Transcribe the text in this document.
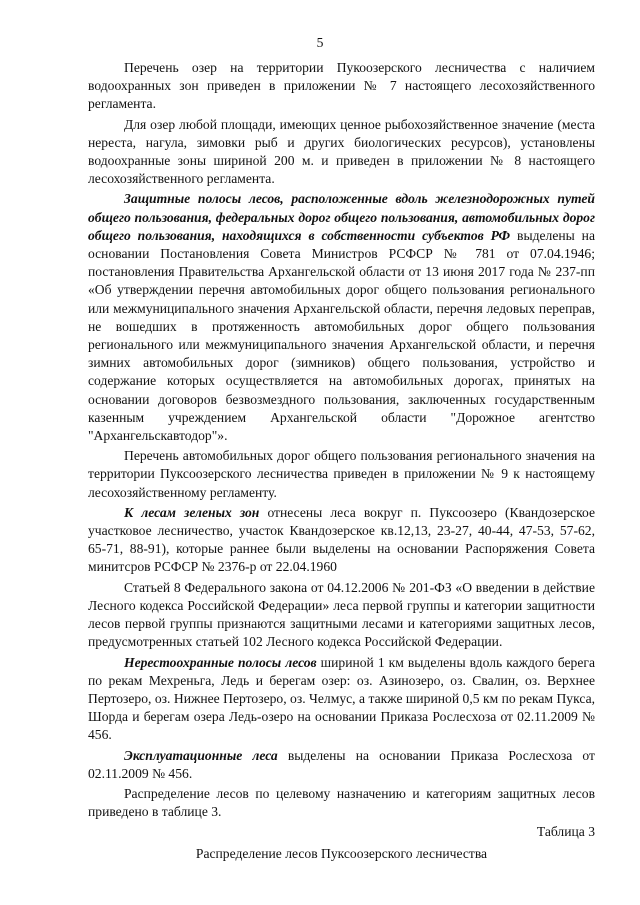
5

Перечень озер на территории Пукоозерского лесничества с наличием водоохранных зон приведен в приложении № 7 настоящего лесохозяйственного регламента.

Для озер любой площади, имеющих ценное рыбохозяйственное значение (места нереста, нагула, зимовки рыб и других биологических ресурсов), установлены водоохранные зоны шириной 200 м. и приведен в приложении № 8 настоящего лесохозяйственного регламента.

Защитные полосы лесов, расположенные вдоль железнодорожных путей общего пользования, федеральных дорог общего пользования, автомобильных дорог общего пользования, находящихся в собственности субъектов РФ выделены на основании Постановления Совета Министров РСФСР № 781 от 07.04.1946; постановления Правительства Архангельской области от 13 июня 2017 года № 237-пп «Об утверждении перечня автомобильных дорог общего пользования регионального или межмуниципального значения Архангельской области, перечня ледовых переправ, не вошедших в протяженность автомобильных дорог общего пользования регионального или межмуниципального значения Архангельской области, и перечня зимних автомобильных дорог (зимников) общего пользования, устройство и содержание которых осуществляется на автомобильных дорогах, принятых на основании договоров безвозмездного пользования, заключенных государственным казенным учреждением Архангельской области "Дорожное агентство "Архангельскавтодор"».

Перечень автомобильных дорог общего пользования регионального значения на территории Пуксоозерского лесничества приведен в приложении № 9 к настоящему лесохозяйственному регламенту.

К лесам зеленых зон отнесены леса вокруг п. Пуксоозеро (Квандозерское участковое лесничество, участок Квандозерское кв.12,13, 23-27, 40-44, 47-53, 57-62, 65-71, 88-91), которые раннее были выделены на основании Распоряжения Совета минитсров РСФСР № 2376-р от 22.04.1960

Статьей 8 Федерального закона от 04.12.2006 № 201-ФЗ «О введении в действие Лесного кодекса Российской Федерации» леса первой группы и категории защитности лесов первой группы признаются защитными лесами и категориями защитных лесов, предусмотренных статьей 102 Лесного кодекса Российской Федерации.

Нерестоохранные полосы лесов шириной 1 км выделены вдоль каждого берега по рекам Мехреньга, Ледь и берегам озер: оз. Азинозеро, оз. Свалин, оз. Верхнее Пертозеро, оз. Нижнее Пертозеро, оз. Челмус, а также шириной 0,5 км по рекам Пукса, Шорда и берегам озера Ледь-озеро на основании Приказа Рослесхоза от 02.11.2009 № 456.

Эксплуатационные леса выделены на основании Приказа Рослесхоза от 02.11.2009 № 456.

Распределение лесов по целевому назначению и категориям защитных лесов приведено в таблице 3.

Таблица 3
Распределение лесов Пуксоозерского лесничества
